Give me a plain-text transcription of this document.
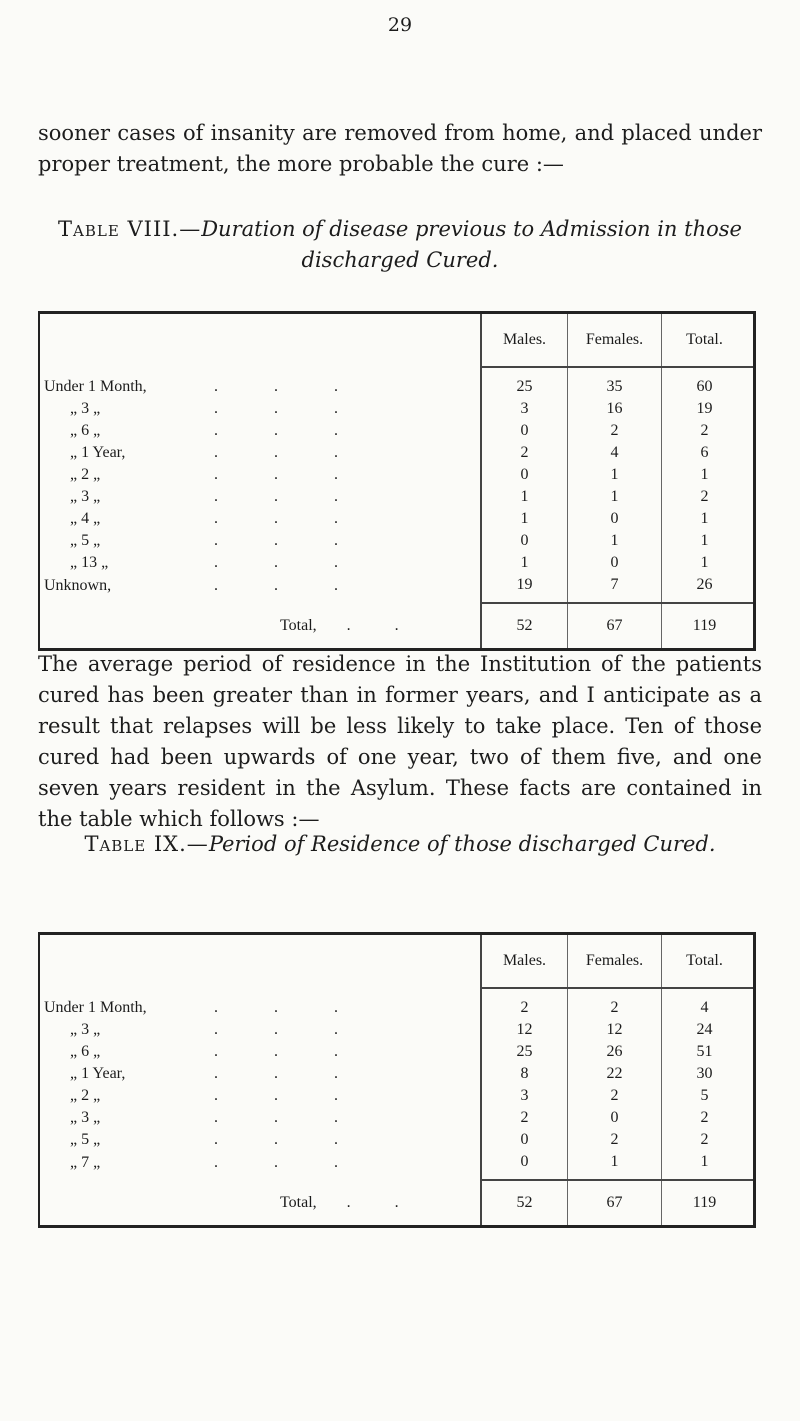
29
sooner cases of insanity are removed from home, and placed under proper treatment, the more probable the cure :—
Table VIII.—Duration of disease previous to Admission in those discharged Cured.
	Males.	Females.	Total.
Under 1 Month, . . .	25	35	60
„ 3 „ . . .	3	16	19
„ 6 „ . . .	0	2	2
„ 1 Year, . . .	2	4	6
„ 2 „ . . .	0	1	1
„ 3 „ . . .	1	1	2
„ 4 „ . . .	1	0	1
„ 5 „ . . .	0	1	1
„ 13 „ . . .	1	0	1
Unknown, . . .	19	7	26
Total, . .	52	67	119
The average period of residence in the Institution of the patients cured has been greater than in former years, and I anticipate as a result that relapses will be less likely to take place. Ten of those cured had been upwards of one year, two of them five, and one seven years resident in the Asylum. These facts are contained in the table which follows :—
Table IX.—Period of Residence of those discharged Cured.
	Males.	Females.	Total.
Under 1 Month, . . .	2	2	4
„ 3 „ . . .	12	12	24
„ 6 „ . . .	25	26	51
„ 1 Year, . . .	8	22	30
„ 2 „ . . .	3	2	5
„ 3 „ . . .	2	0	2
„ 5 „ . . .	0	2	2
„ 7 „ . . .	0	1	1
Total, . .	52	67	119
